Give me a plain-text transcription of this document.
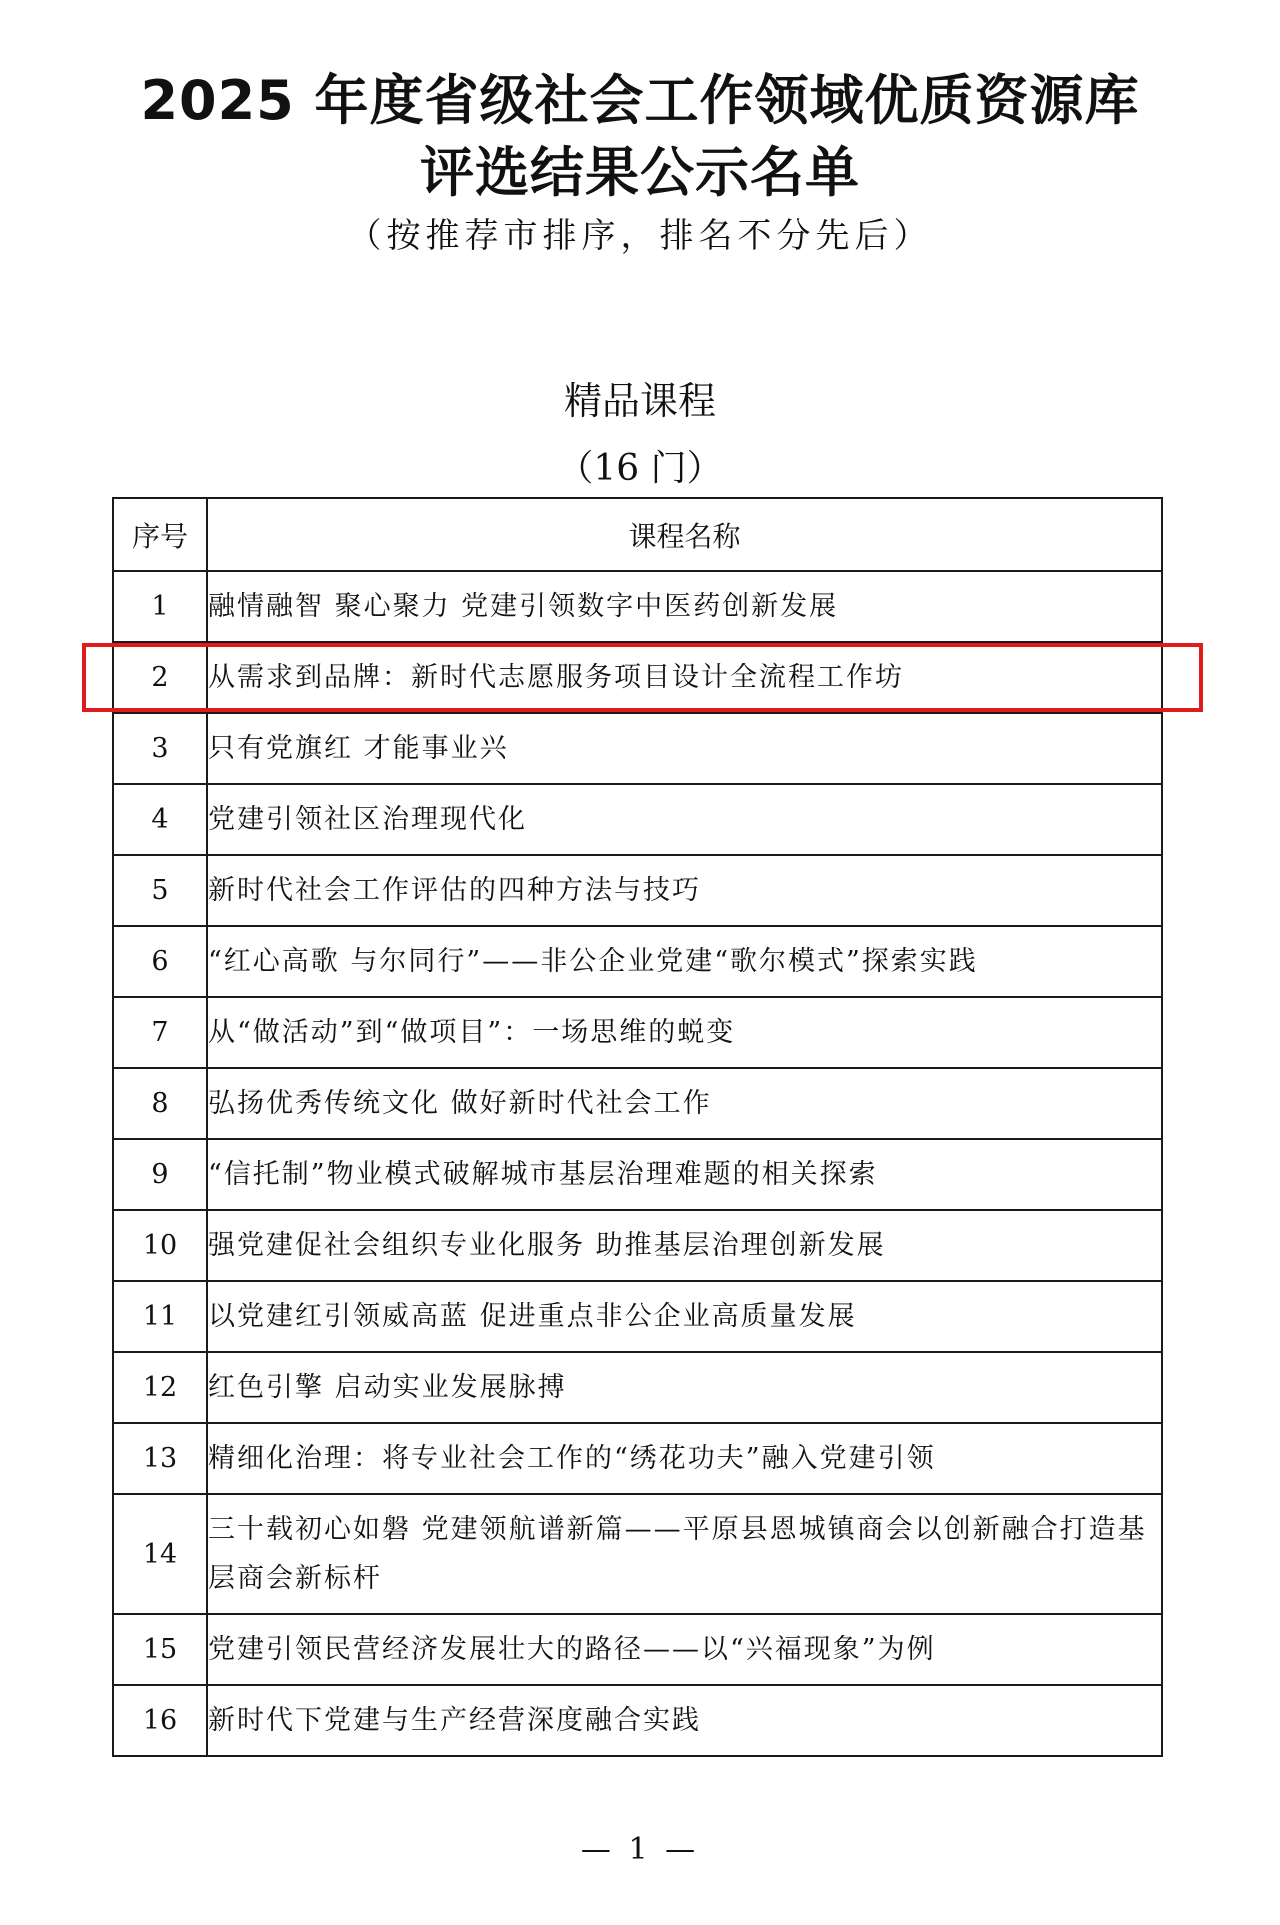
2025 年度省级社会工作领域优质资源库
评选结果公示名单
（按推荐市排序，排名不分先后）
精品课程
（16 门）
序号	课程名称
1	融情融智 聚心聚力 党建引领数字中医药创新发展
2	从需求到品牌：新时代志愿服务项目设计全流程工作坊
3	只有党旗红 才能事业兴
4	党建引领社区治理现代化
5	新时代社会工作评估的四种方法与技巧
6	“红心高歌 与尔同行”——非公企业党建“歌尔模式”探索实践
7	从“做活动”到“做项目”：一场思维的蜕变
8	弘扬优秀传统文化 做好新时代社会工作
9	“信托制”物业模式破解城市基层治理难题的相关探索
10	强党建促社会组织专业化服务 助推基层治理创新发展
11	以党建红引领威高蓝 促进重点非公企业高质量发展
12	红色引擎 启动实业发展脉搏
13	精细化治理：将专业社会工作的“绣花功夫”融入党建引领
14	三十载初心如磐 党建领航谱新篇——平原县恩城镇商会以创新融合打造基层商会新标杆
15	党建引领民营经济发展壮大的路径——以“兴福现象”为例
16	新时代下党建与生产经营深度融合实践
— 1 —
